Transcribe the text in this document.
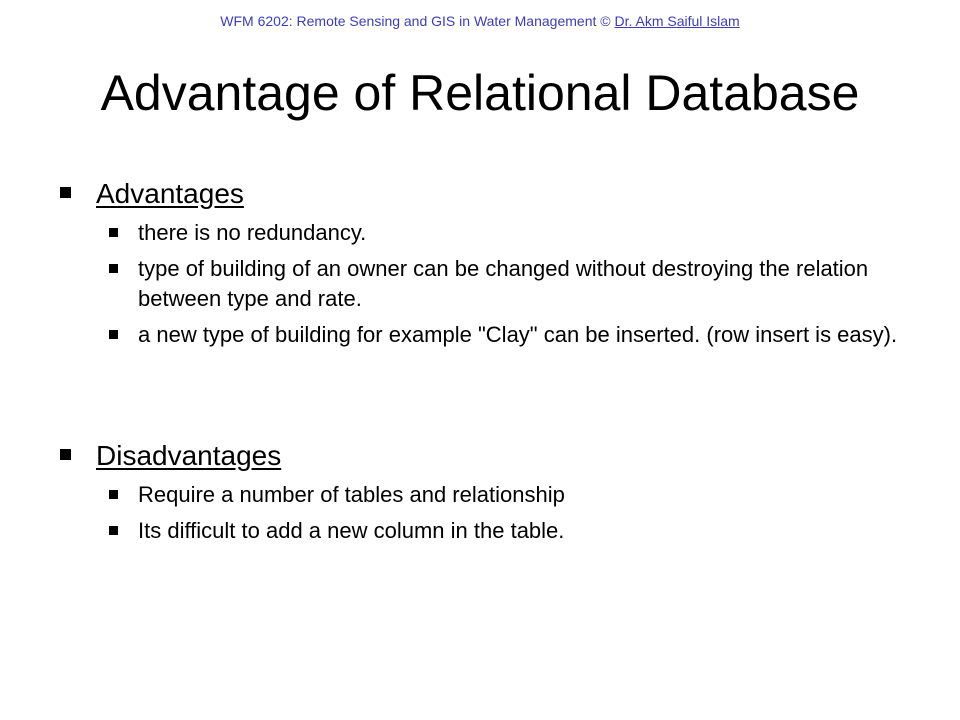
WFM 6202: Remote Sensing and GIS in Water Management © Dr. Akm Saiful Islam
Advantage of Relational Database
Advantages
there is no redundancy.
type of building of an owner can be changed without destroying the relation between type and rate.
a new type of building for example "Clay" can be inserted. (row insert is easy).
Disadvantages
Require a number of tables and relationship
Its difficult to add a new column in the table.
